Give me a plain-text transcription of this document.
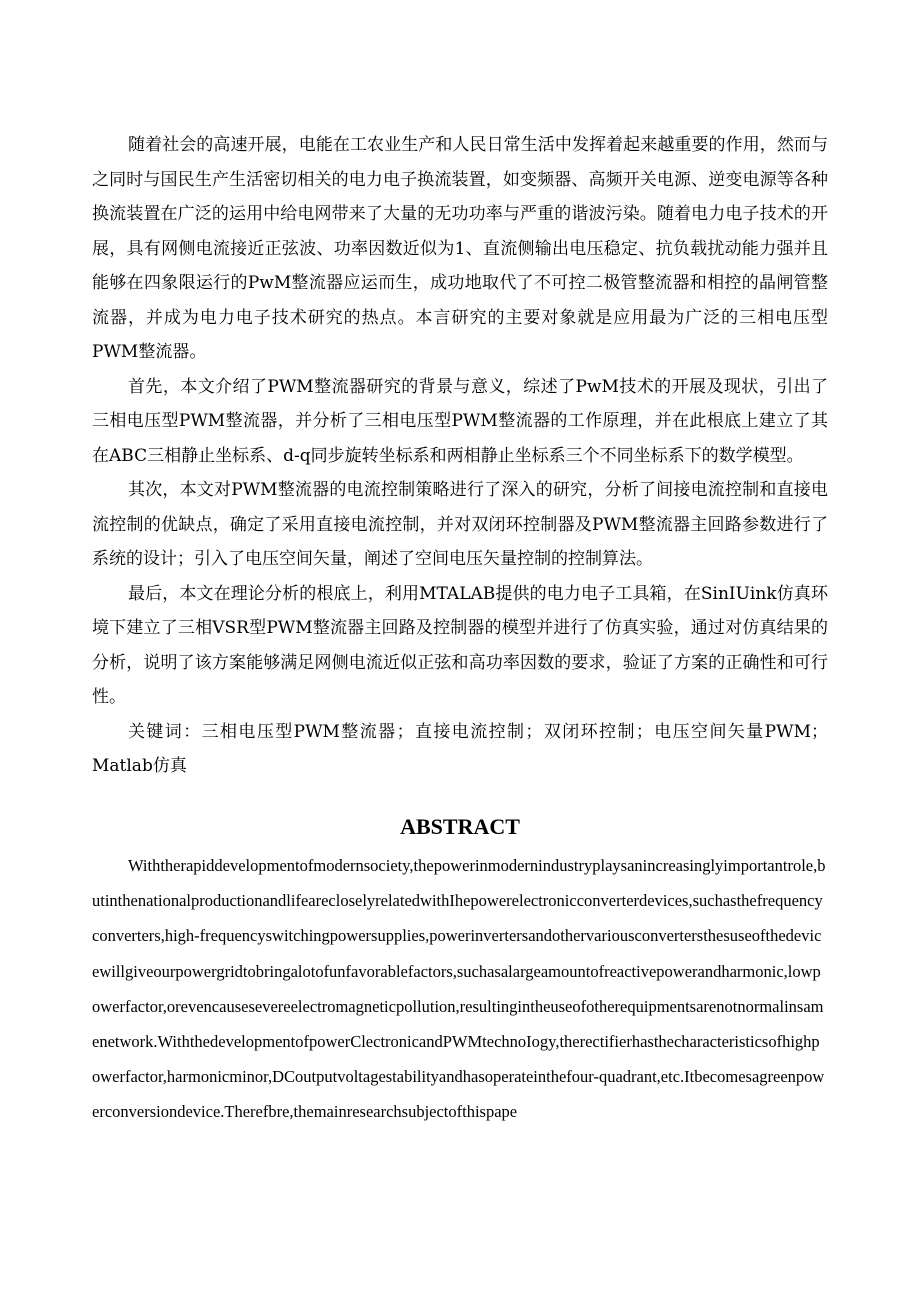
随着社会的高速开展，电能在工农业生产和人民日常生活中发挥着起来越重要的作用，然而与之同时与国民生产生活密切相关的电力电子换流装置，如变频器、高频开关电源、逆变电源等各种换流装置在广泛的运用中给电网带来了大量的无功功率与严重的谐波污染。随着电力电子技术的开展，具有网侧电流接近正弦波、功率因数近似为1、直流侧输出电压稳定、抗负载扰动能力强并且能够在四象限运行的PwM整流器应运而生，成功地取代了不可控二极管整流器和相控的晶闸管整流器，并成为电力电子技术研究的热点。本言研究的主要对象就是应用最为广泛的三相电压型PWM整流器。

首先，本文介绍了PWM整流器研究的背景与意义，综述了PwM技术的开展及现状，引出了三相电压型PWM整流器，并分析了三相电压型PWM整流器的工作原理，并在此根底上建立了其在ABC三相静止坐标系、d-q同步旋转坐标系和两相静止坐标系三个不同坐标系下的数学模型。

其次，本文对PWM整流器的电流控制策略进行了深入的研究，分析了间接电流控制和直接电流控制的优缺点，确定了采用直接电流控制，并对双闭环控制器及PWM整流器主回路参数进行了系统的设计；引入了电压空间矢量，阐述了空间电压矢量控制的控制算法。

最后，本文在理论分析的根底上，利用MTALAB提供的电力电子工具箱，在SinIUink仿真环境下建立了三相VSR型PWM整流器主回路及控制器的模型并进行了仿真实验，通过对仿真结果的分析，说明了该方案能够满足网侧电流近似正弦和高功率因数的要求，验证了方案的正确性和可行性。

关键词：三相电压型PWM整流器；直接电流控制；双闭环控制；电压空间矢量PWM；Matlab仿真

ABSTRACT

Withtherapiddevelopmentofmodernsociety,thepowerinmodernindustryplaysanincreasinglyimportantrole,butinthenationalproductionandlifearecloselyrelatedwithIhepowerelectronicconverterdevices,suchasthefrequencyconverters,high-frequencyswitchingpowersupplies,powerinvertersandothervariousconvertersthesuseofthedevicewillgiveourpowergridtobringalotofunfavorablefactors,suchasalargeamountofreactivepowerandharmonic,lowpowerfactor,orevencausesevereelectromagneticpollution,resultingintheuseofotherequipmentsarenotnormalinsamenetwork.WiththedevelopmentofpowerClectronicandPWMtechnoIogy,therectifierhasthecharacteristicsofhighpowerfactor,harmonicminor,DCoutputvoltagestabilityandhasoperateinthefour-quadrant,etc.Itbecomesagreenpowerconversiondevice.Therefbre,themainresearchsubjectofthispape
